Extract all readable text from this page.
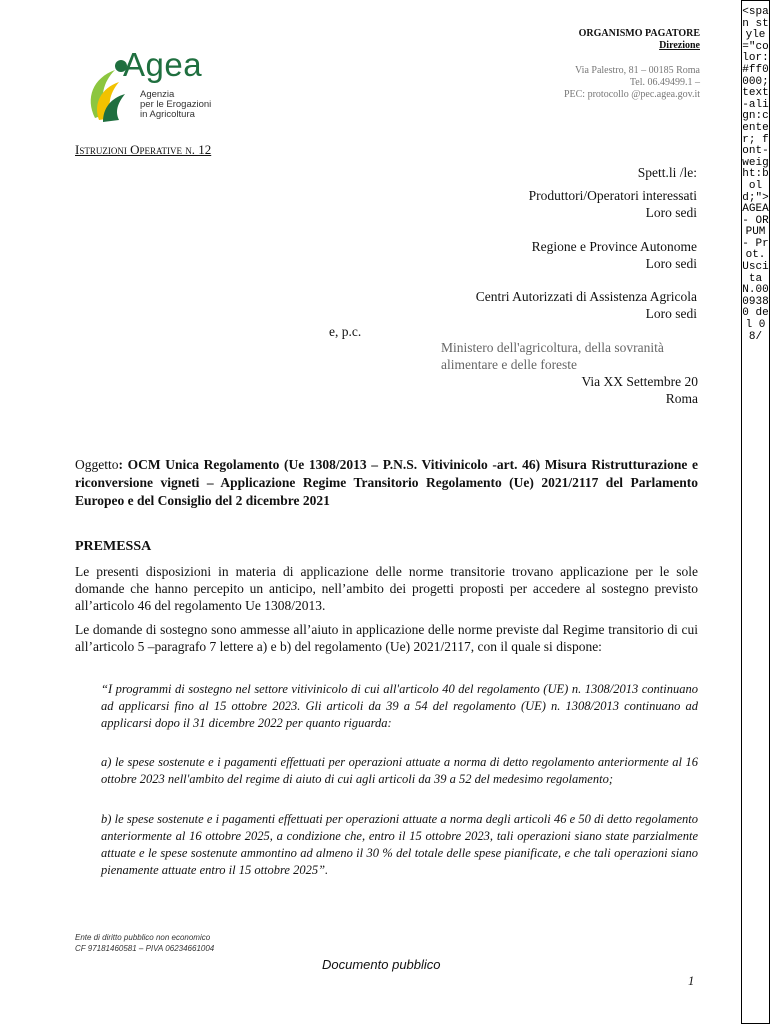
Agea
Agenzia
per le Erogazioni
in Agricoltura
ORGANISMO PAGATORE
Direzione
Via Palestro, 81 – 00185 Roma
Tel. 06.49499.1 –
PEC: protocollo @pec.agea.gov.it
Istruzioni Operative n. 12
Spett.li /le:
Produttori/Operatori interessati
Loro sedi
Regione e Province Autonome
Loro sedi
Centri Autorizzati di Assistenza Agricola
Loro sedi
e, p.c.
Ministero dell'agricoltura, della sovranità
alimentare e delle foreste
Via XX Settembre 20
Roma
Oggetto: OCM Unica Regolamento (Ue 1308/2013 – P.N.S. Vitivinicolo -art. 46) Misura Ristrutturazione e riconversione vigneti – Applicazione Regime Transitorio Regolamento (Ue) 2021/2117 del Parlamento Europeo e del Consiglio del 2 dicembre 2021
PREMESSA
Le presenti disposizioni in materia di applicazione delle norme transitorie trovano applicazione per le sole domande che hanno percepito un anticipo, nell’ambito dei progetti proposti per accedere al sostegno previsto all’articolo 46 del regolamento Ue 1308/2013.
Le domande di sostegno sono ammesse all’aiuto in applicazione delle norme previste dal Regime transitorio di cui all’articolo 5 –paragrafo 7 lettere a) e b) del regolamento (Ue) 2021/2117, con il quale si dispone:
“I programmi di sostegno nel settore vitivinicolo di cui all'articolo 40 del regolamento (UE) n. 1308/2013 continuano ad applicarsi fino al 15 ottobre 2023. Gli articoli da 39 a 54 del regolamento (UE) n. 1308/2013 continuano ad applicarsi dopo il 31 dicembre 2022 per quanto riguarda:
a) le spese sostenute e i pagamenti effettuati per operazioni attuate a norma di detto regolamento anteriormente al 16 ottobre 2023 nell'ambito del regime di aiuto di cui agli articoli da 39 a 52 del medesimo regolamento;
b) le spese sostenute e i pagamenti effettuati per operazioni attuate a norma degli articoli 46 e 50 di detto regolamento anteriormente al 16 ottobre 2025, a condizione che, entro il 15 ottobre 2023, tali operazioni siano state parzialmente attuate e le spese sostenute ammontino ad almeno il 30 % del totale delle spese pianificate, e che tali operazioni siano pienamente attuate entro il 15 ottobre 2025”.
Ente di diritto pubblico non economico
CF 97181460581 – PIVA 06234661004
Documento pubblico
1
<span style="color:#ff0000; text-align:center; font-weight:bold;">AGEA - ORPUM - Prot. Uscita N.0009380 del 08/
